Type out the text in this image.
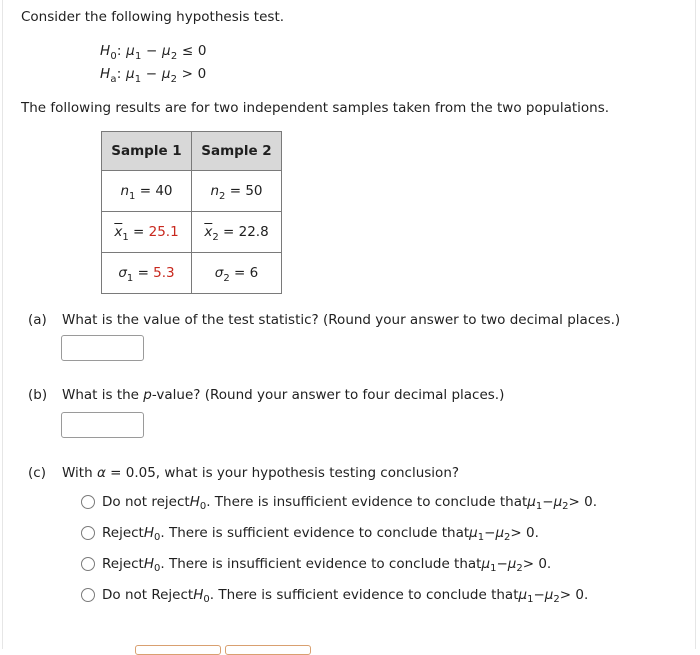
Consider the following hypothesis test.
$H_0$: $\mu_1 - \mu_2 \le 0$
$H_a$: $\mu_1 - \mu_2 > 0$
The following results are for two independent samples taken from the two populations.
Sample 1	Sample 2
$n_1 = 40$	$n_2 = 50$
$\overline{x}_1 = 25.1$	$\overline{x}_2 = 22.8$
$\sigma_1 = 5.3$	$\sigma_2 = 6$
(a) What is the value of the test statistic? (Round your answer to two decimal places.)
(b) What is the p-value? (Round your answer to four decimal places.)
(c) With α = 0.05, what is your hypothesis testing conclusion?
Do not reject H 0 . There is insufficient evidence to conclude that μ 1 − μ 2 > 0.
Reject H 0 . There is sufficient evidence to conclude that μ 1 − μ 2 > 0.
Reject H 0 . There is insufficient evidence to conclude that μ 1 − μ 2 > 0.
Do not Reject H 0 . There is sufficient evidence to conclude that μ 1 − μ 2 > 0.
